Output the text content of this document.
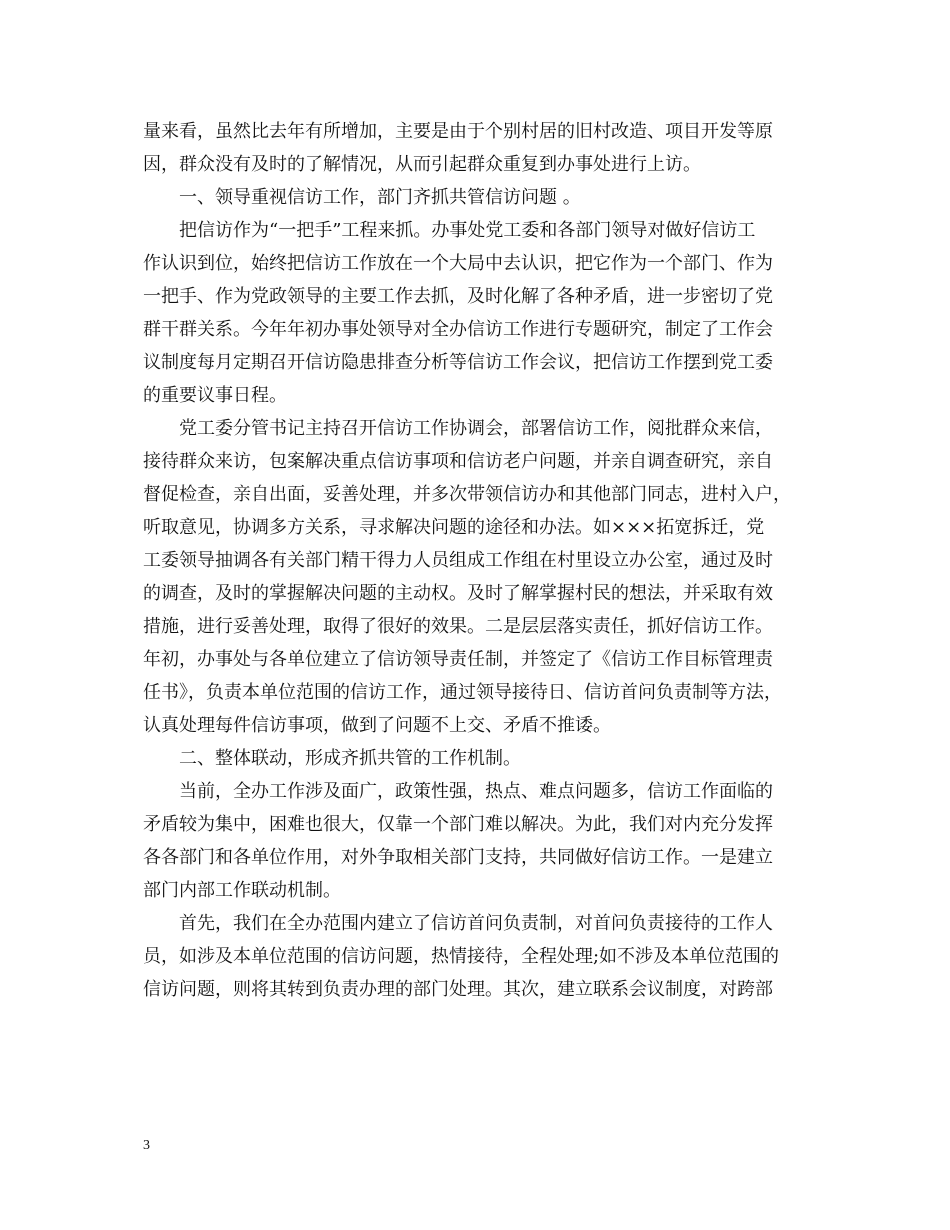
量来看，虽然比去年有所增加，主要是由于个别村居的旧村改造、项目开发等原
因，群众没有及时的了解情况，从而引起群众重复到办事处进行上访。
　　一、领导重视信访工作，部门齐抓共管信访问题 。
　　把信访作为“一把手”工程来抓。办事处党工委和各部门领导对做好信访工
作认识到位，始终把信访工作放在一个大局中去认识，把它作为一个部门、作为
一把手、作为党政领导的主要工作去抓，及时化解了各种矛盾，进一步密切了党
群干群关系。今年年初办事处领导对全办信访工作进行专题研究，制定了工作会
议制度每月定期召开信访隐患排查分析等信访工作会议，把信访工作摆到党工委
的重要议事日程。
　　党工委分管书记主持召开信访工作协调会，部署信访工作，阅批群众来信，
接待群众来访，包案解决重点信访事项和信访老户问题，并亲自调查研究，亲自
督促检查，亲自出面，妥善处理，并多次带领信访办和其他部门同志，进村入户，
听取意见，协调多方关系，寻求解决问题的途径和办法。如×××拓宽拆迁，党
工委领导抽调各有关部门精干得力人员组成工作组在村里设立办公室，通过及时
的调查，及时的掌握解决问题的主动权。及时了解掌握村民的想法，并采取有效
措施，进行妥善处理，取得了很好的效果。二是层层落实责任，抓好信访工作。
年初，办事处与各单位建立了信访领导责任制，并签定了《信访工作目标管理责
任书》，负责本单位范围的信访工作，通过领导接待日、信访首问负责制等方法，
认真处理每件信访事项，做到了问题不上交、矛盾不推诿。
　　二、整体联动，形成齐抓共管的工作机制。
　　当前，全办工作涉及面广，政策性强，热点、难点问题多，信访工作面临的
矛盾较为集中，困难也很大，仅靠一个部门难以解决。为此，我们对内充分发挥
各各部门和各单位作用，对外争取相关部门支持，共同做好信访工作。一是建立
部门内部工作联动机制。
　　首先，我们在全办范围内建立了信访首问负责制，对首问负责接待的工作人
员，如涉及本单位范围的信访问题，热情接待，全程处理;如不涉及本单位范围的
信访问题，则将其转到负责办理的部门处理。其次，建立联系会议制度，对跨部
3
